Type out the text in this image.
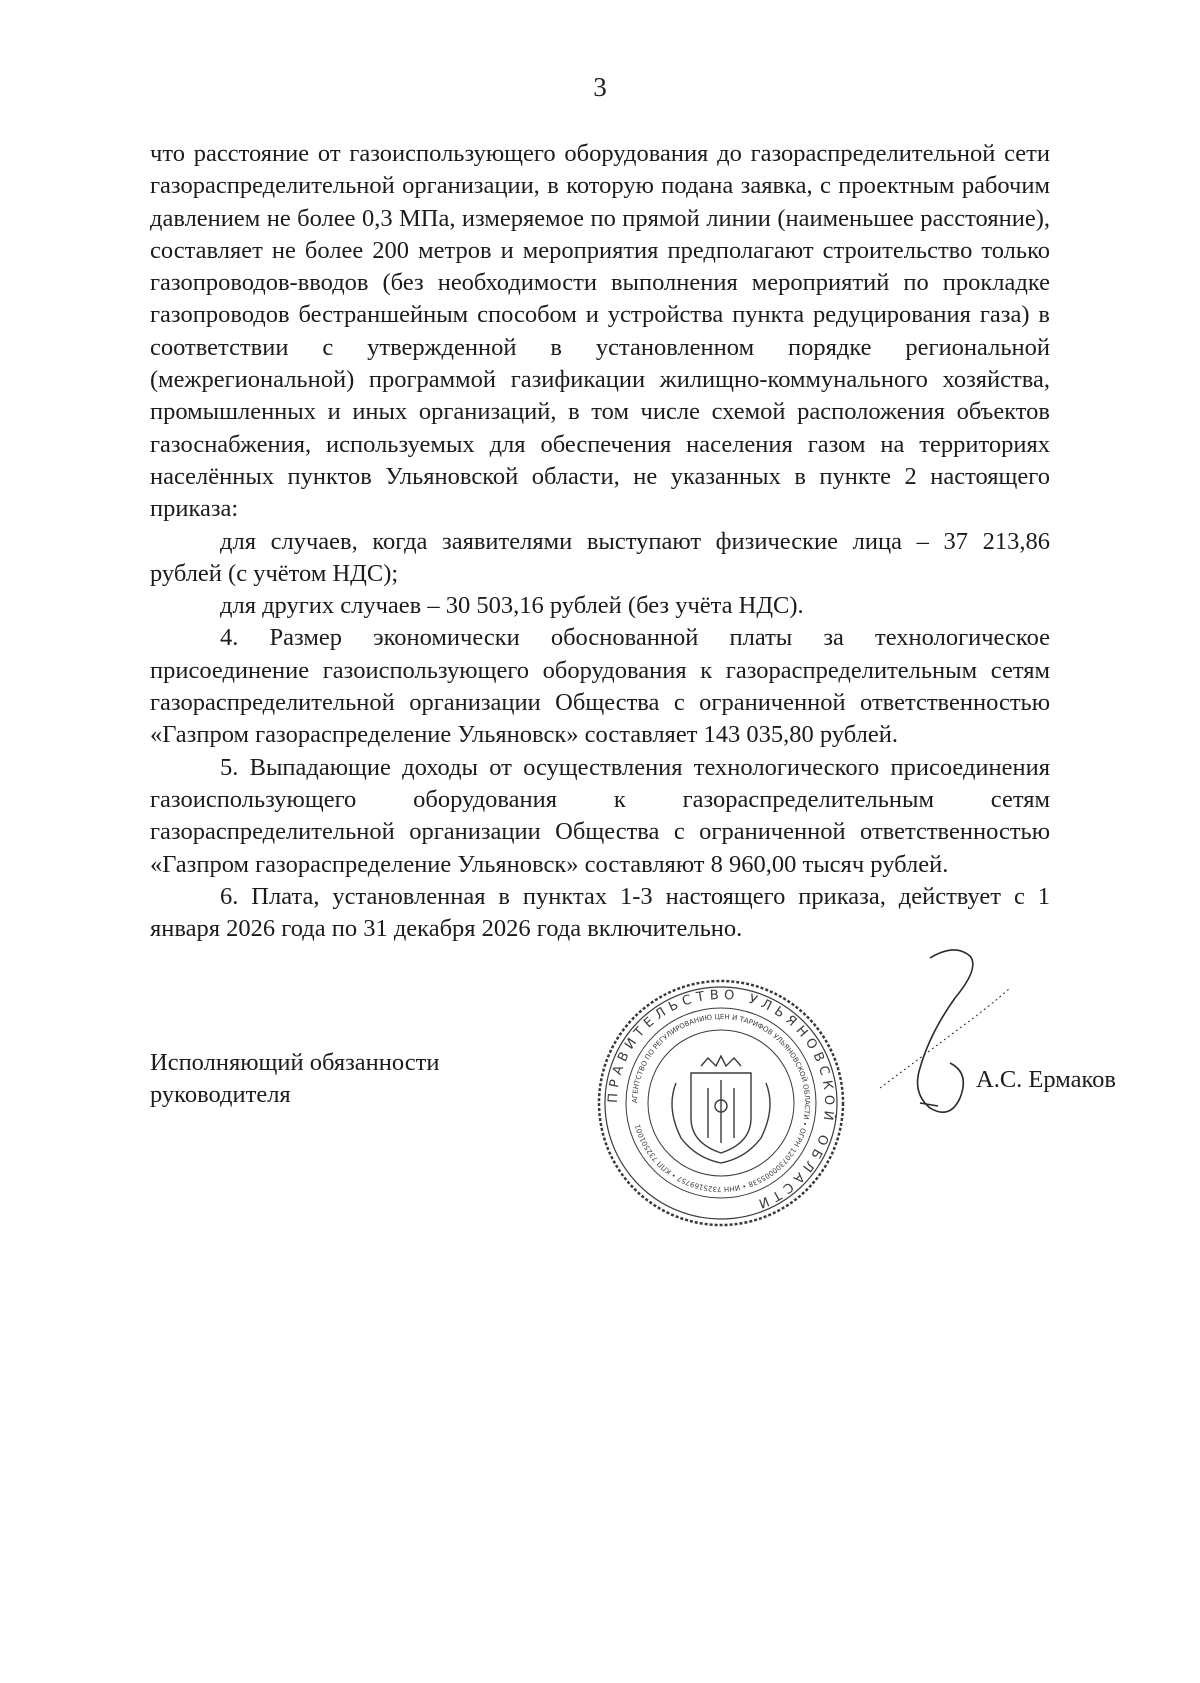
3

что расстояние от газоиспользующего оборудования до газораспределительной сети газораспределительной организации, в которую подана заявка, с проектным рабочим давлением не более 0,3 МПа, измеряемое по прямой линии (наименьшее расстояние), составляет не более 200 метров и мероприятия предполагают строительство только газопроводов-вводов (без необходимости выполнения мероприятий по прокладке газопроводов бестраншейным способом и устройства пункта редуцирования газа) в соответствии с утвержденной в установленном порядке региональной (межрегиональной) программой газификации жилищно-коммунального хозяйства, промышленных и иных организаций, в том числе схемой расположения объектов газоснабжения, используемых для обеспечения населения газом на территориях населённых пунктов Ульяновской области, не указанных в пункте 2 настоящего приказа:

для случаев, когда заявителями выступают физические лица – 37 213,86 рублей (с учётом НДС);

для других случаев – 30 503,16 рублей (без учёта НДС).

4. Размер экономически обоснованной платы за технологическое присоединение газоиспользующего оборудования к газораспределительным сетям газораспределительной организации Общества с ограниченной ответственностью «Газпром газораспределение Ульяновск» составляет 143 035,80 рублей.

5. Выпадающие доходы от осуществления технологического присоединения газоиспользующего оборудования к газораспределительным сетям газораспределительной организации Общества с ограниченной ответственностью «Газпром газораспределение Ульяновск» составляют 8 960,00 тысяч рублей.

6. Плата, установленная в пунктах 1-3 настоящего приказа, действует с 1 января 2026 года по 31 декабря 2026 года включительно.

Исполняющий обязанности
руководителя	ПРАВИТЕЛЬСТВО УЛЬЯНОВСКОЙ ОБЛАСТИ
АГЕНТСТВО ПО РЕГУЛИРОВАНИЮ ЦЕН И ТАРИФОВ УЛЬЯНОВСКОЙ ОБЛАСТИ • ОГРН 1207300005538 • ИНН 7325169757 • КПП 732501001
А.С. Ермаков
